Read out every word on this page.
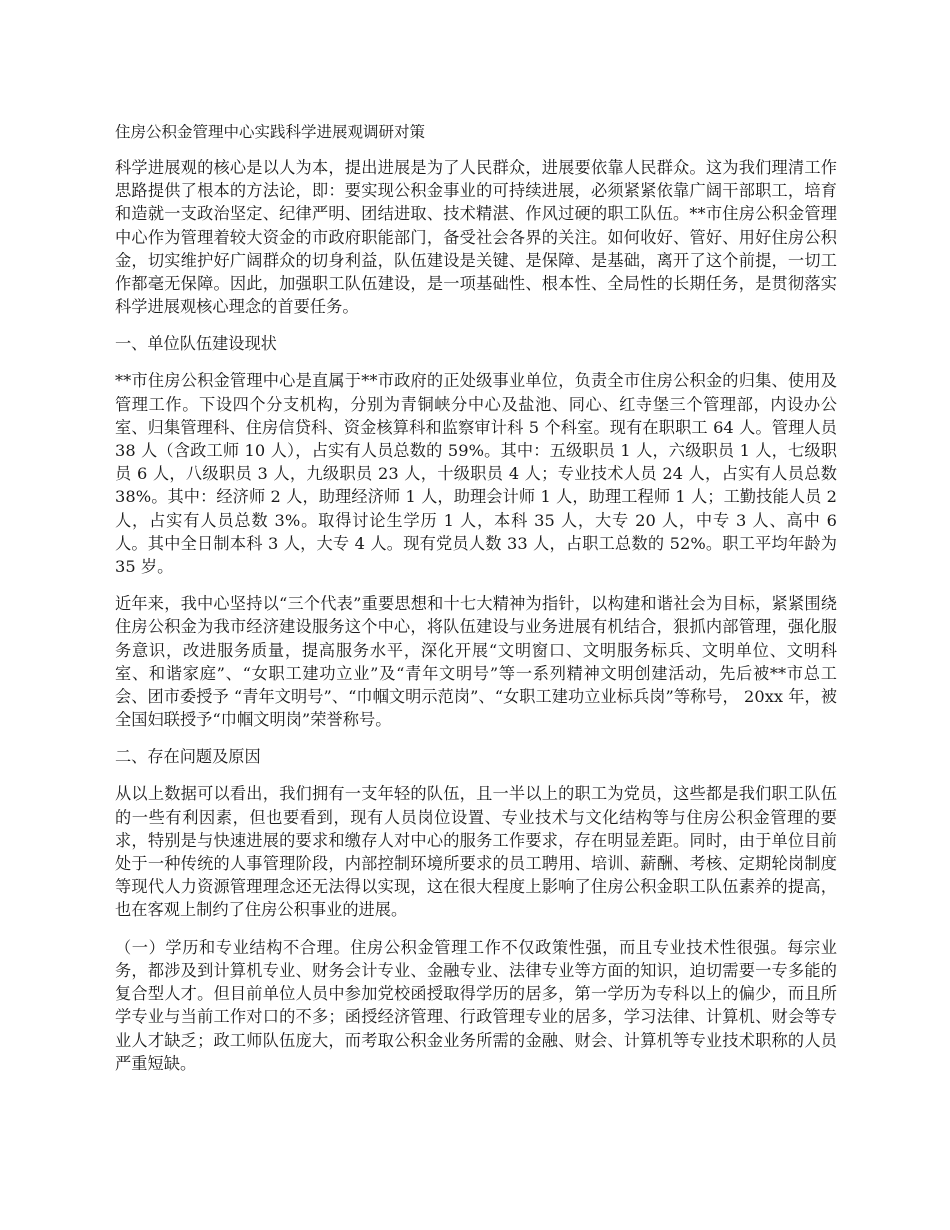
住房公积金管理中心实践科学进展观调研对策

科学进展观的核心是以人为本，提出进展是为了人民群众，进展要依靠人民群众。这为我们理清工作思路提供了根本的方法论，即：要实现公积金事业的可持续进展，必须紧紧依靠广阔干部职工，培育和造就一支政治坚定、纪律严明、团结进取、技术精湛、作风过硬的职工队伍。**市住房公积金管理中心作为管理着较大资金的市政府职能部门，备受社会各界的关注。如何收好、管好、用好住房公积金，切实维护好广阔群众的切身利益，队伍建设是关键、是保障、是基础，离开了这个前提，一切工作都毫无保障。因此，加强职工队伍建设，是一项基础性、根本性、全局性的长期任务，是贯彻落实科学进展观核心理念的首要任务。

一、单位队伍建设现状

**市住房公积金管理中心是直属于**市政府的正处级事业单位，负责全市住房公积金的归集、使用及管理工作。下设四个分支机构，分别为青铜峡分中心及盐池、同心、红寺堡三个管理部，内设办公室、归集管理科、住房信贷科、资金核算科和监察审计科 5 个科室。现有在职职工 64 人。管理人员 38 人（含政工师 10 人），占实有人员总数的 59%。其中：五级职员 1 人，六级职员 1 人，七级职员 6 人，八级职员 3 人，九级职员 23 人，十级职员 4 人；专业技术人员 24 人，占实有人员总数 38%。其中：经济师 2 人，助理经济师 1 人，助理会计师 1 人，助理工程师 1 人；工勤技能人员 2 人，占实有人员总数 3%。取得讨论生学历 1 人，本科 35 人，大专 20 人，中专 3 人、高中 6 人。其中全日制本科 3 人，大专 4 人。现有党员人数 33 人，占职工总数的 52%。职工平均年龄为 35 岁。

近年来，我中心坚持以“三个代表”重要思想和十七大精神为指针，以构建和谐社会为目标，紧紧围绕住房公积金为我市经济建设服务这个中心，将队伍建设与业务进展有机结合，狠抓内部管理，强化服务意识，改进服务质量，提高服务水平，深化开展“文明窗口、文明服务标兵、文明单位、文明科室、和谐家庭”、“女职工建功立业”及“青年文明号”等一系列精神文明创建活动，先后被**市总工会、团市委授予 “青年文明号”、“巾帼文明示范岗”、“女职工建功立业标兵岗”等称号， 20xx 年，被全国妇联授予“巾帼文明岗”荣誉称号。

二、存在问题及原因

从以上数据可以看出，我们拥有一支年轻的队伍，且一半以上的职工为党员，这些都是我们职工队伍的一些有利因素，但也要看到，现有人员岗位设置、专业技术与文化结构等与住房公积金管理的要求，特别是与快速进展的要求和缴存人对中心的服务工作要求，存在明显差距。同时，由于单位目前处于一种传统的人事管理阶段，内部控制环境所要求的员工聘用、培训、薪酬、考核、定期轮岗制度等现代人力资源管理理念还无法得以实现，这在很大程度上影响了住房公积金职工队伍素养的提高，也在客观上制约了住房公积事业的进展。

（一）学历和专业结构不合理。住房公积金管理工作不仅政策性强，而且专业技术性很强。每宗业务，都涉及到计算机专业、财务会计专业、金融专业、法律专业等方面的知识，迫切需要一专多能的复合型人才。但目前单位人员中参加党校函授取得学历的居多，第一学历为专科以上的偏少，而且所学专业与当前工作对口的不多；函授经济管理、行政管理专业的居多，学习法律、计算机、财会等专业人才缺乏；政工师队伍庞大，而考取公积金业务所需的金融、财会、计算机等专业技术职称的人员严重短缺。
